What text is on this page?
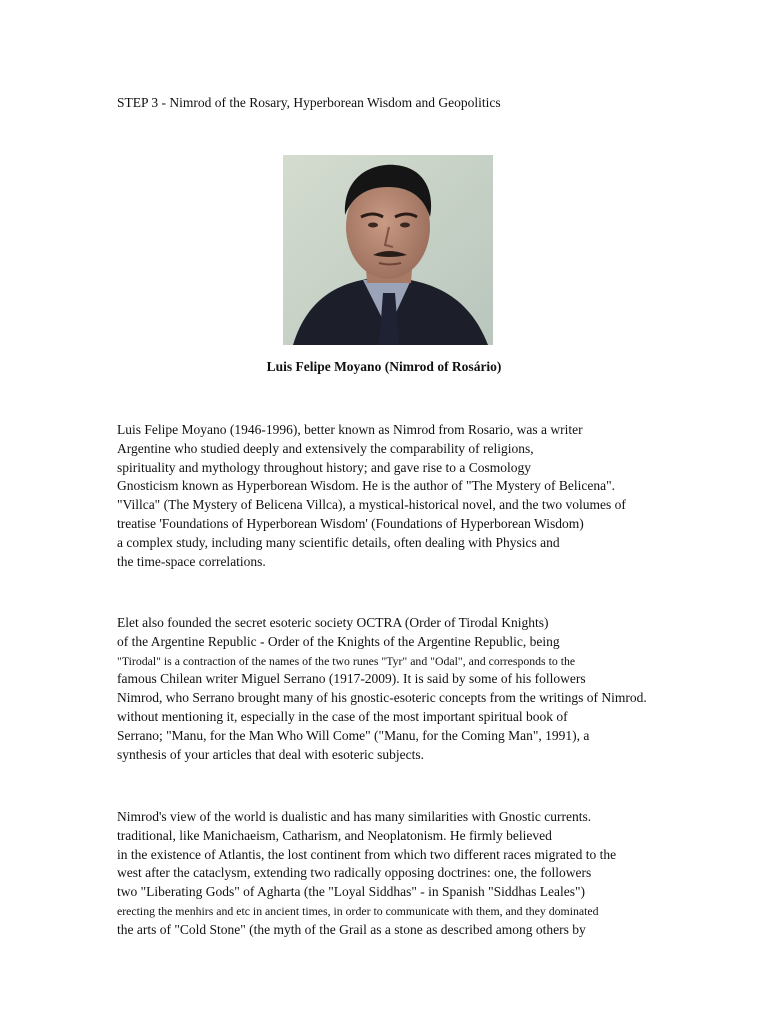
STEP 3 - Nimrod of the Rosary, Hyperborean Wisdom and Geopolitics
Luis Felipe Moyano (Nimrod of Rosário)
Luis Felipe Moyano (1946-1996), better known as Nimrod from Rosario, was a writer
Argentine who studied deeply and extensively the comparability of religions,
spirituality and mythology throughout history; and gave rise to a Cosmology
Gnosticism known as Hyperborean Wisdom. He is the author of "The Mystery of Belicena".
"Villca" (The Mystery of Belicena Villca), a mystical-historical novel, and the two volumes of
treatise 'Foundations of Hyperborean Wisdom' (Foundations of Hyperborean Wisdom)
a complex study, including many scientific details, often dealing with Physics and
the time-space correlations.
Elet also founded the secret esoteric society OCTRA (Order of Tirodal Knights)
of the Argentine Republic - Order of the Knights of the Argentine Republic, being
"Tirodal" is a contraction of the names of the two runes "Tyr" and "Odal", and corresponds to the
famous Chilean writer Miguel Serrano (1917-2009). It is said by some of his followers
Nimrod, who Serrano brought many of his gnostic-esoteric concepts from the writings of Nimrod.
without mentioning it, especially in the case of the most important spiritual book of
Serrano; "Manu, for the Man Who Will Come" ("Manu, for the Coming Man", 1991), a
synthesis of your articles that deal with esoteric subjects.
Nimrod's view of the world is dualistic and has many similarities with Gnostic currents.
traditional, like Manichaeism, Catharism, and Neoplatonism. He firmly believed
in the existence of Atlantis, the lost continent from which two different races migrated to the
west after the cataclysm, extending two radically opposing doctrines: one, the followers
two "Liberating Gods" of Agharta (the "Loyal Siddhas" - in Spanish "Siddhas Leales")
erecting the menhirs and etc in ancient times, in order to communicate with them, and they dominated
the arts of "Cold Stone" (the myth of the Grail as a stone as described among others by
